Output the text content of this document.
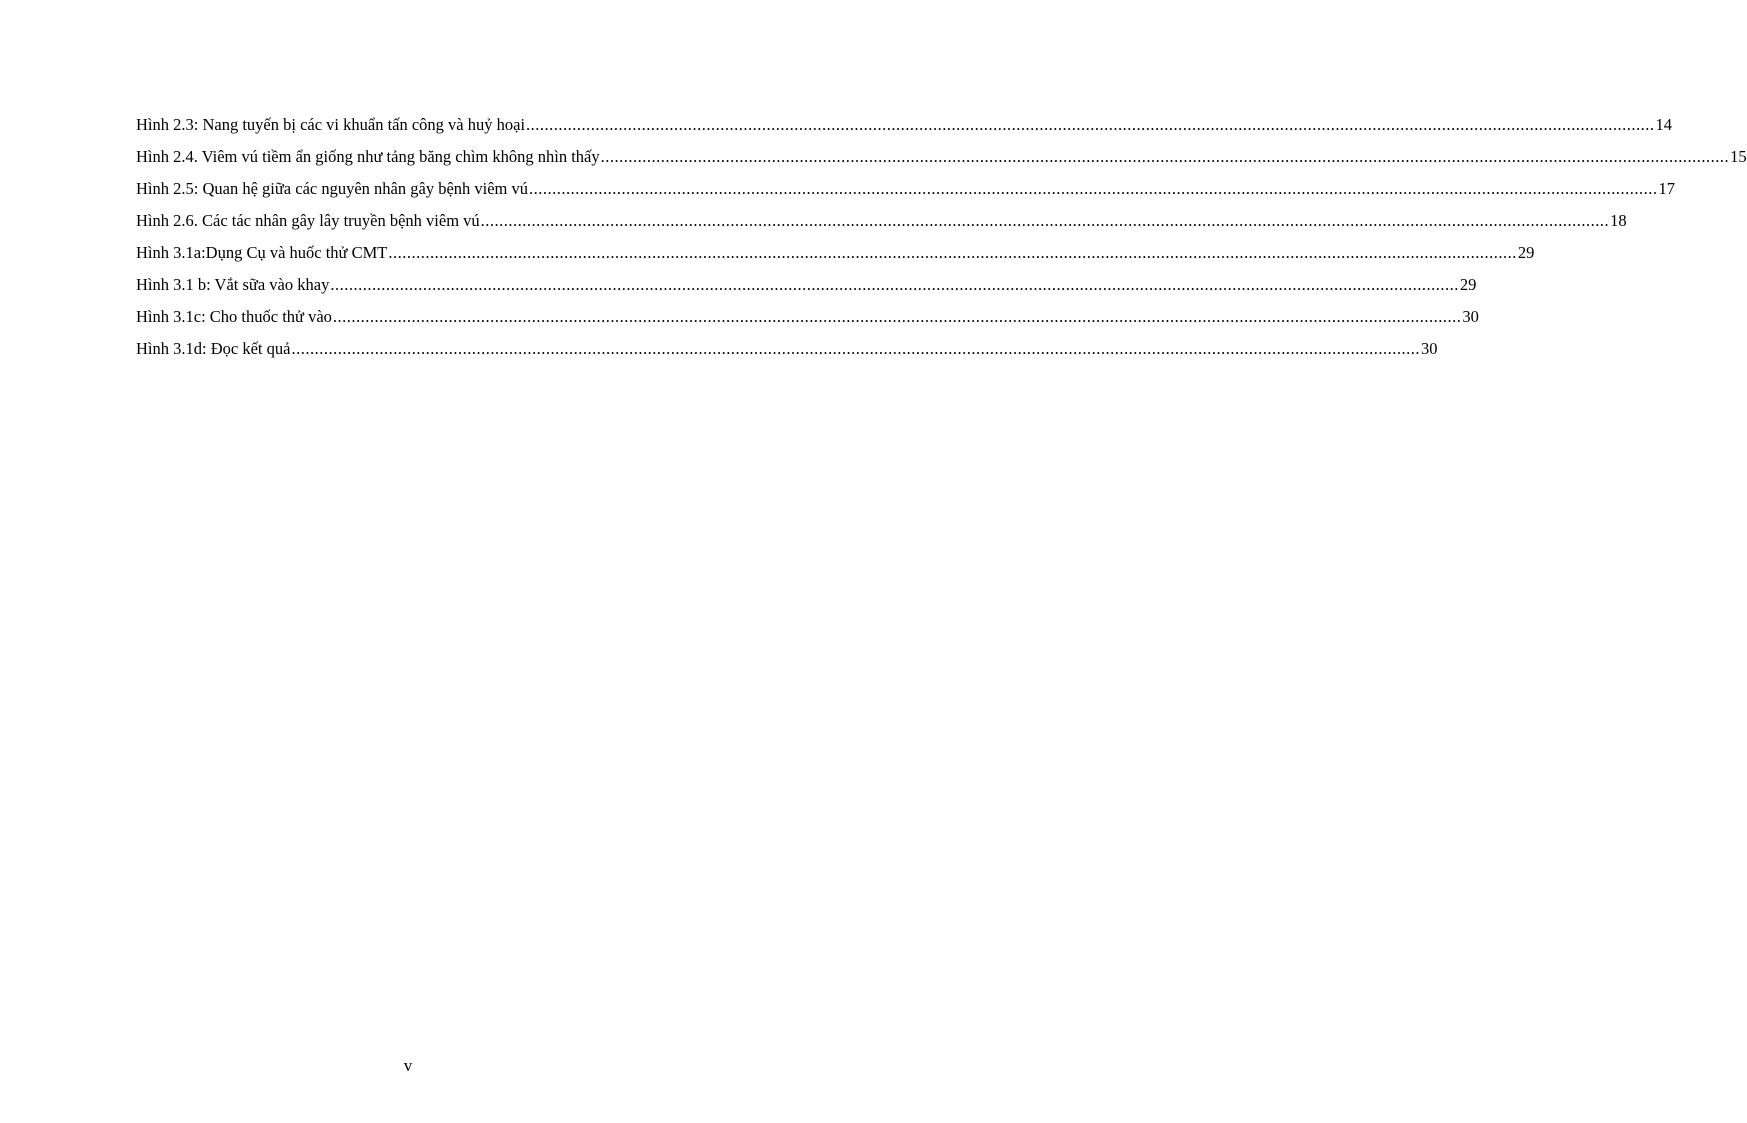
Hình 2.3: Nang tuyến bị các vi khuẩn tấn công và huỷ hoại .....	14
Hình 2.4. Viêm vú tiềm ẩn giống như tảng băng chìm không nhìn thấy .....	15
Hình 2.5: Quan hệ giữa các nguyên nhân gây bệnh viêm vú .....	17
Hình 2.6. Các tác nhân gây lây truyền bệnh viêm vú .....	18
Hình 3.1a:Dụng Cụ và huốc thử CMT .....	29
Hình 3.1 b: Vắt sữa vào khay .....	29
Hình 3.1c: Cho thuốc thử vào .....	30
Hình 3.1d: Đọc kết quả .....	30
v
